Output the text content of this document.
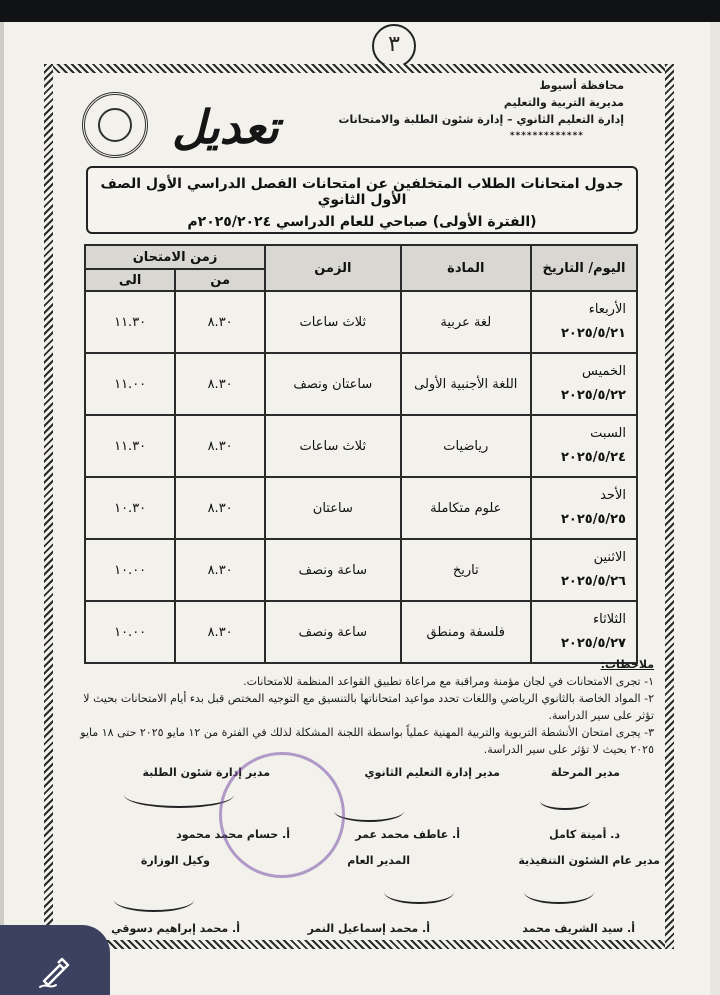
٣
محافظة أسيوط
مديرية التربية والتعليم
إدارة التعليم الثانوي – إدارة شئون الطلبة والامتحانات
*************
تعديل
جدول امتحانات الطلاب المتخلفين عن امتحانات الفصل الدراسي الأول الصف الأول الثانوي
(الفترة الأولى) صباحي للعام الدراسي ٢٠٢٥/٢٠٢٤م
اليوم/ التاريخ	المادة	الزمن	زمن الامتحان	
			من	الى

الأربعاء
٢٠٢٥/٥/٢١	لغة عربية	ثلاث ساعات	٨.٣٠	١١.٣٠

الخميس
٢٠٢٥/٥/٢٢	اللغة الأجنبية الأولى	ساعتان ونصف	٨.٣٠	١١.٠٠

السبت
٢٠٢٥/٥/٢٤	رياضيات	ثلاث ساعات	٨.٣٠	١١.٣٠

الأحد
٢٠٢٥/٥/٢٥	علوم متكاملة	ساعتان	٨.٣٠	١٠.٣٠

الاثنين
٢٠٢٥/٥/٢٦	تاريخ	ساعة ونصف	٨.٣٠	١٠.٠٠

الثلاثاء
٢٠٢٥/٥/٢٧	فلسفة ومنطق	ساعة ونصف	٨.٣٠	١٠.٠٠
ملاحظات:
١- تجرى الامتحانات في لجان مؤمنة ومراقبة مع مراعاة تطبيق القواعد المنظمة للامتحانات.
٢- المواد الخاصة بالثانوي الرياضي واللغات تحدد مواعيد امتحاناتها بالتنسيق مع التوجيه المختص قبل بدء أيام الامتحانات بحيث لا تؤثر على سير الدراسة.
٣- يجرى امتحان الأنشطة التربوية والتربية المهنية عملياً بواسطة اللجنة المشكلة لذلك في الفترة من ١٢ مايو ٢٠٢٥ حتى ١٨ مايو ٢٠٢٥ بحيث لا تؤثر على سير الدراسة.
مدير المرحلة
د. أمينة كامل
مدير إدارة التعليم الثانوي
أ. عاطف محمد عمر
مدير إدارة شئون الطلبة
أ. حسام محمد محمود
مدير عام الشئون التنفيذية
أ. سيد الشريف محمد
المدير العام
أ. محمد إسماعيل النمر
وكيل الوزارة
أ. محمد إبراهيم دسوقي
